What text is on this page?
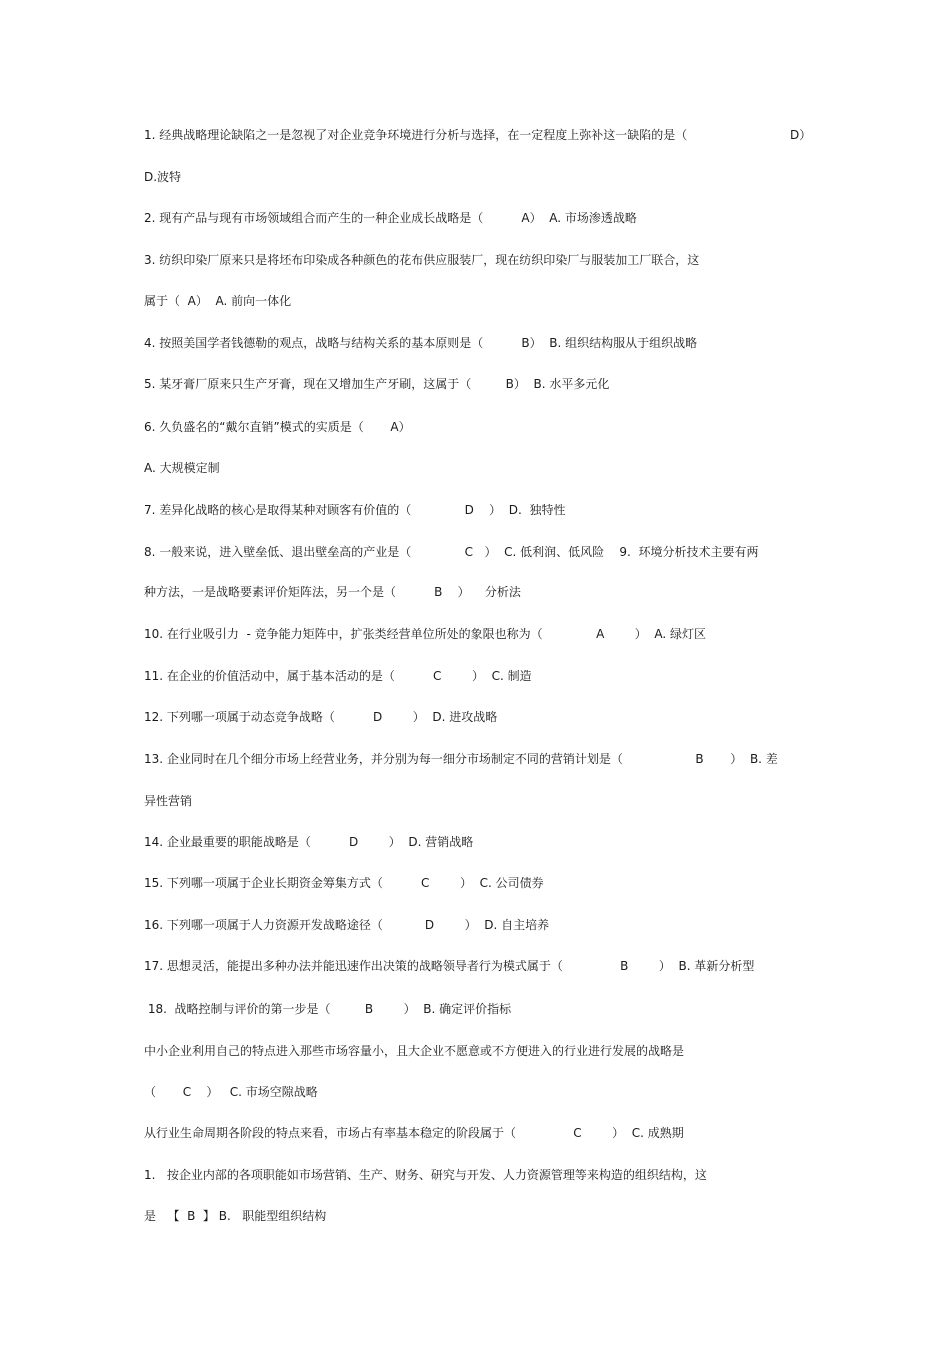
1. 经典战略理论缺陷之一是忽视了对企业竞争环境进行分析与选择，在一定程度上弥补这一缺陷的是（	D）
D.波特
2. 现有产品与现有市场领域组合而产生的一种企业成长战略是（          A）  A. 市场渗透战略
3. 纺织印染厂原来只是将坯布印染成各种颜色的花布供应服装厂，现在纺织印染厂与服装加工厂联合，这
属于（  A）  A. 前向一体化
4. 按照美国学者钱德勒的观点，战略与结构关系的基本原则是（          B）  B. 组织结构服从于组织战略
5. 某牙膏厂原来只生产牙膏，现在又增加生产牙刷，这属于（         B）  B. 水平多元化
6. 久负盛名的“戴尔直销”模式的实质是（       A）
A. 大规模定制
7. 差异化战略的核心是取得某种对顾客有价值的（              D    ）  D.  独特性
8. 一般来说，进入壁垒低、退出壁垒高的产业是（              C   ）  C. 低利润、低风险    9.  环境分析技术主要有两
种方法，一是战略要素评价矩阵法，另一个是（          B    ）    分析法
10. 在行业吸引力  - 竞争能力矩阵中，扩张类经营单位所处的象限也称为（              A        ）  A. 绿灯区
11. 在企业的价值活动中，属于基本活动的是（          C        ）  C. 制造
12. 下列哪一项属于动态竞争战略（          D        ）  D. 进攻战略
13. 企业同时在几个细分市场上经营业务，并分别为每一细分市场制定不同的营销计划是（                   B       ）  B. 差
异性营销
14. 企业最重要的职能战略是（          D        ）  D. 营销战略
15. 下列哪一项属于企业长期资金筹集方式（          C        ）  C. 公司债券
16. 下列哪一项属于人力资源开发战略途径（           D        ）  D. 自主培养
17. 思想灵活，能提出多种办法并能迅速作出决策的战略领导者行为模式属于（               B        ）  B. 革新分析型
18.  战略控制与评价的第一步是（         B        ）  B. 确定评价指标
中小企业利用自己的特点进入那些市场容量小，且大企业不愿意或不方便进入的行业进行发展的战略是
（       C    ）   C. 市场空隙战略
从行业生命周期各阶段的特点来看，市场占有率基本稳定的阶段属于（               C        ）  C. 成熟期
1.   按企业内部的各项职能如市场营销、生产、财务、研究与开发、人力资源管理等来构造的组织结构，这
是   【  B  】 B.   职能型组织结构
